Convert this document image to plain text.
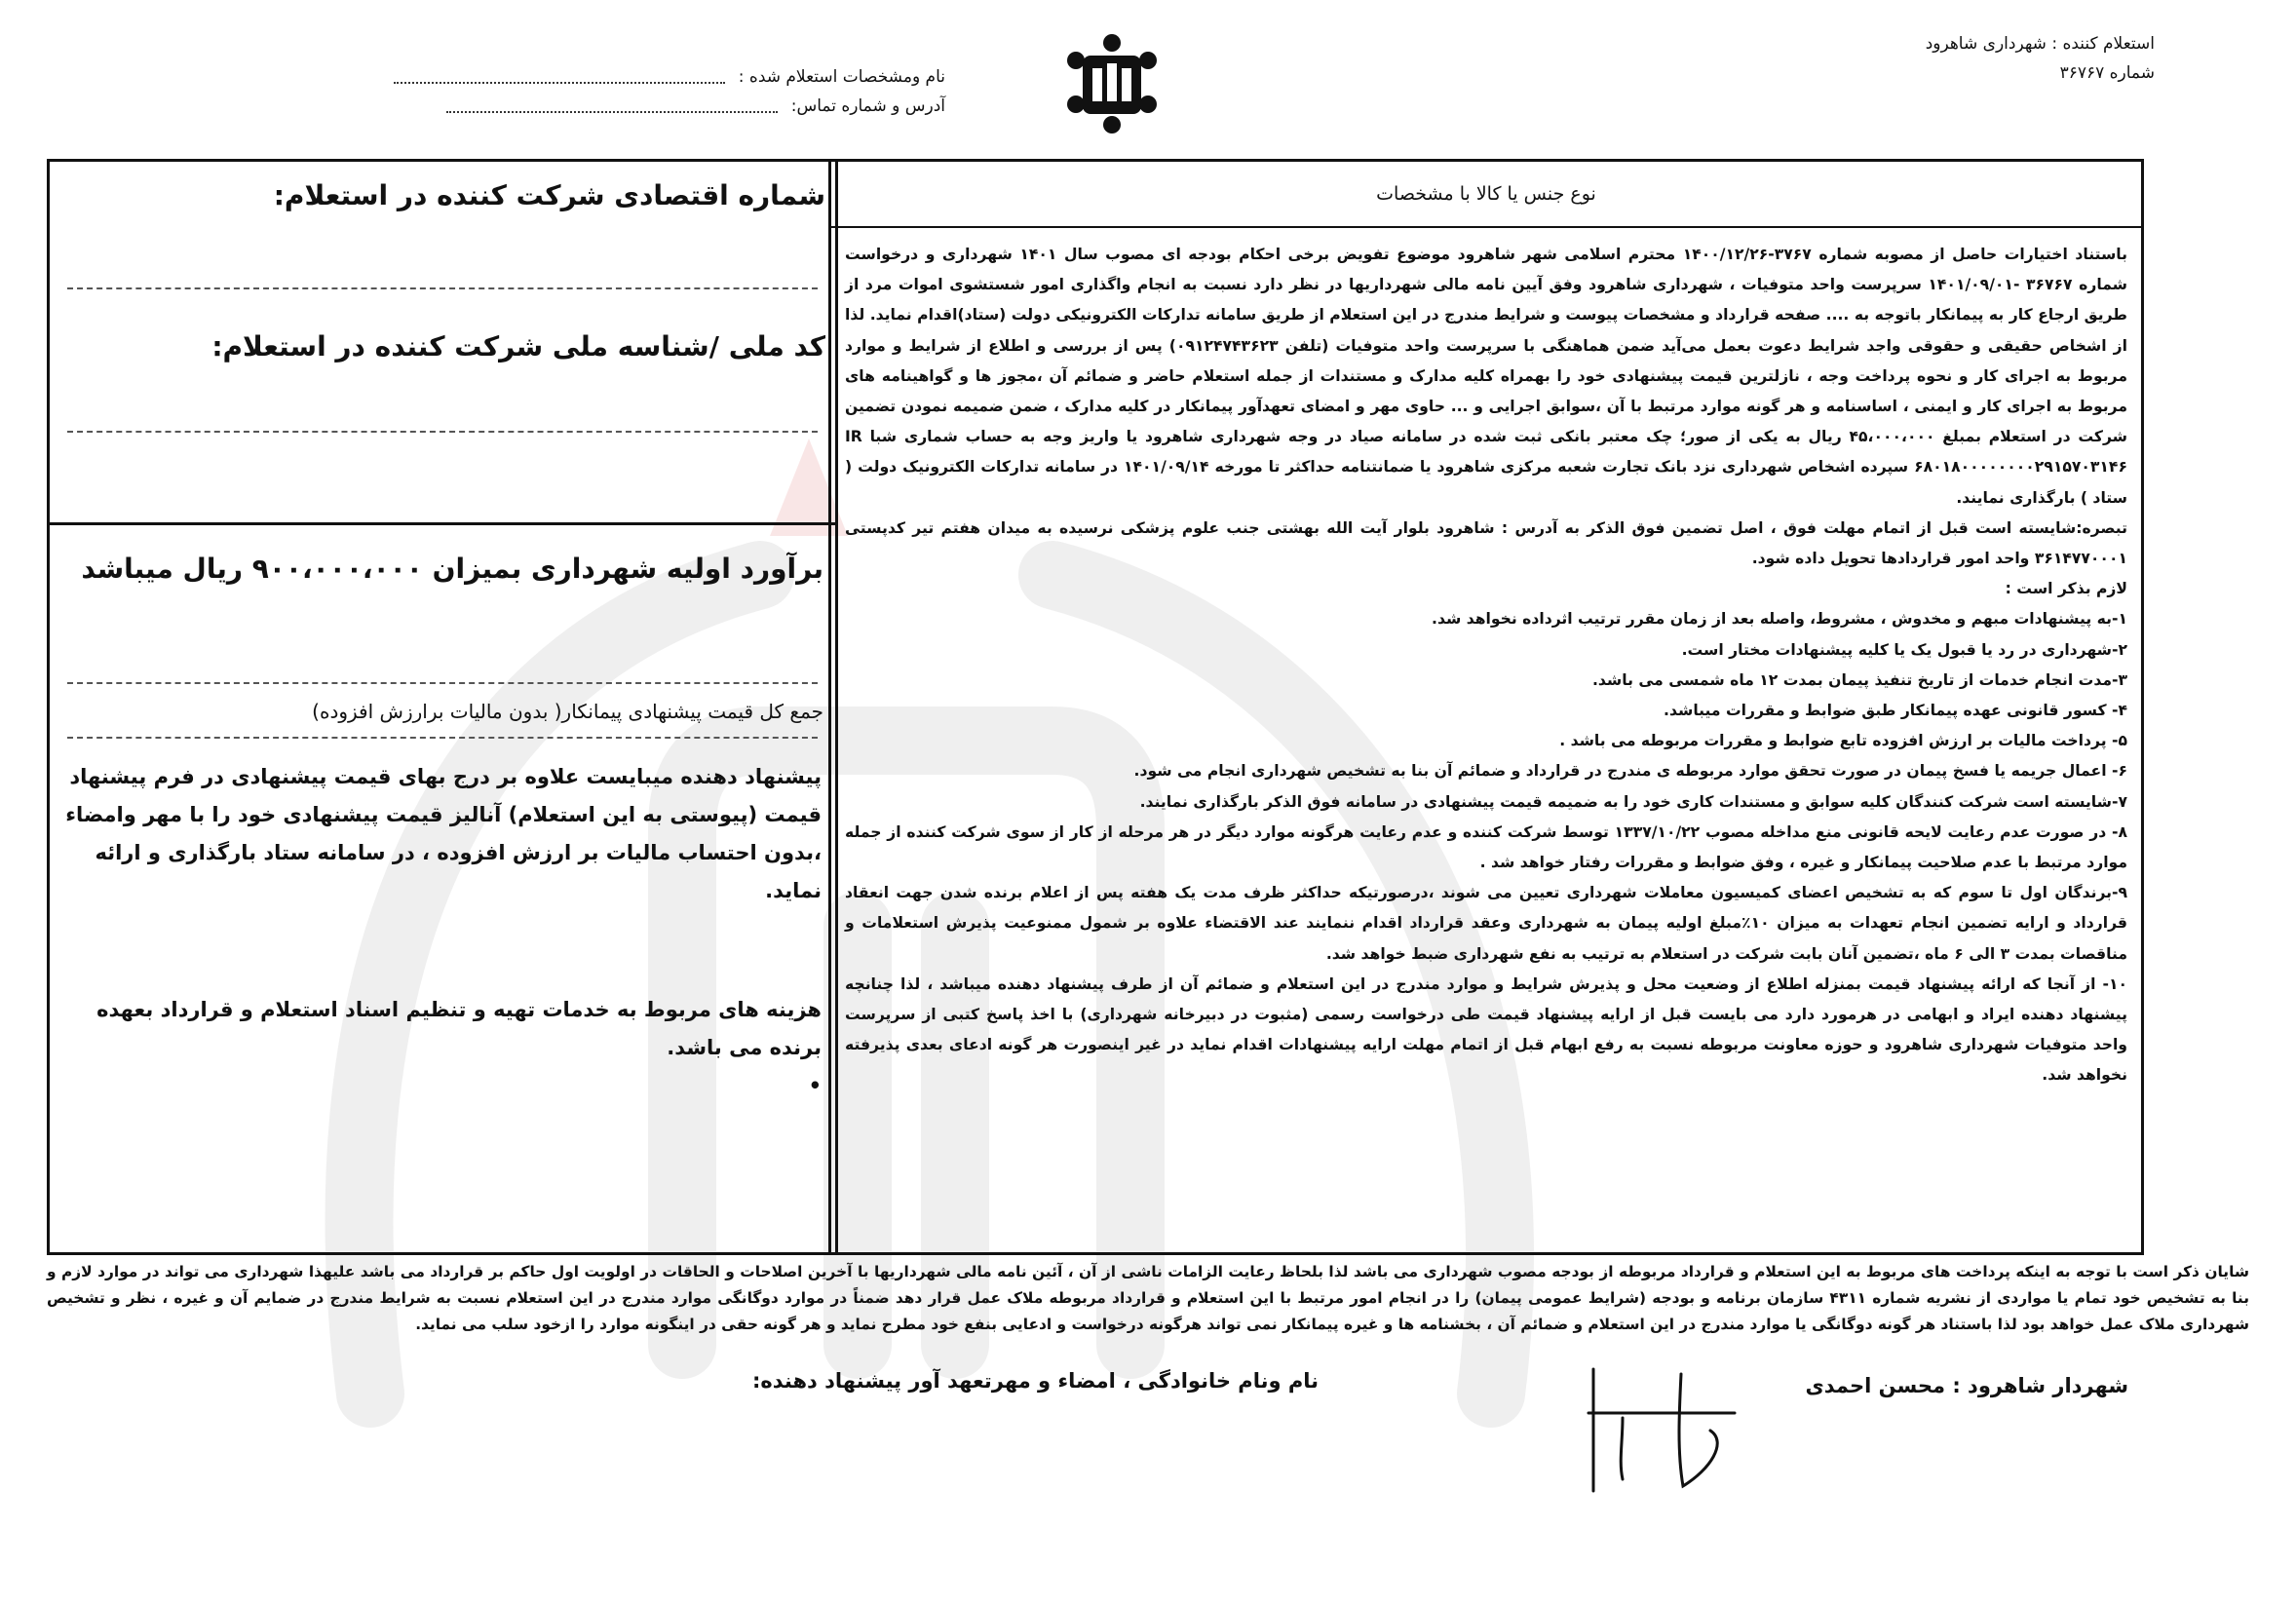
استعلام کننده : شهرداری شاهرود
شماره ۳۶۷۶۷
نام ومشخصات استعلام شده :
آدرس و شماره تماس:
نوع جنس یا کالا با مشخصات

باستناد اختیارات حاصل از مصوبه شماره ۳۷۶۷-۱۴۰۰/۱۲/۲۶ محترم اسلامی شهر شاهرود موضوع تفویض برخی احکام بودجه ای مصوب سال ۱۴۰۱ شهرداری و درخواست شماره ۳۶۷۶۷ -۱۴۰۱/۰۹/۰۱ سرپرست واحد متوفیات ، شهرداری شاهرود وفق آیین نامه مالی شهرداریها در نظر دارد نسبت به انجام واگذاری امور شستشوی اموات مرد از طریق ارجاع کار به پیمانکار باتوجه به .... صفحه قرارداد و مشخصات پیوست و شرایط مندرج در این استعلام از طریق سامانه تدارکات الکترونیکی دولت (ستاد)اقدام نماید. لذا از اشخاص حقیقی و حقوقی واجد شرایط دعوت بعمل می‌آید ضمن هماهنگی با سرپرست واحد متوفیات (تلفن ۰۹۱۲۴۷۴۳۶۲۳) پس از بررسی و اطلاع از شرایط و موارد مربوط به اجرای کار و نحوه پرداخت وجه ، نازلترین قیمت پیشنهادی خود را بهمراه کلیه مدارک و مستندات از جمله استعلام حاضر و ضمائم آن ،مجوز ها و گواهینامه های مربوط به اجرای کار و ایمنی ، اساسنامه و هر گونه موارد مرتبط با آن ،سوابق اجرایی و ... حاوی مهر و امضای تعهدآور پیمانکار در کلیه مدارک ، ضمن ضمیمه نمودن تضمین شرکت در استعلام بمبلغ ۴۵،۰۰۰،۰۰۰ ریال به یکی از صور؛ چک معتبر بانکی ثبت شده در سامانه صیاد در وجه شهرداری شاهرود یا واریز وجه به حساب شماری شبا IR ۶۸۰۱۸۰۰۰۰۰۰۰۰۲۹۱۵۷۰۳۱۴۶ سپرده اشخاص شهرداری نزد بانک تجارت شعبه مرکزی شاهرود یا ضمانتنامه حداکثر تا مورخه ۱۴۰۱/۰۹/۱۴ در سامانه تدارکات الکترونیک دولت ( ستاد ) بارگذاری نمایند.

تبصره:شایسته است قبل از اتمام مهلت فوق ، اصل تضمین فوق الذکر به آدرس : شاهرود بلوار آیت الله بهشتی جنب علوم پزشکی نرسیده به میدان هفتم تیر کدپستی ۳۶۱۴۷۷۰۰۰۱ واحد امور قراردادها تحویل داده شود.

لازم بذکر است :

۱-به پیشنهادات مبهم و مخدوش ، مشروط، واصله بعد از زمان مقرر ترتیب اثرداده نخواهد شد.

۲-شهرداری در رد یا قبول یک یا کلیه پیشنهادات مختار است.

۳-مدت انجام خدمات از تاریخ تنفیذ پیمان بمدت ۱۲ ماه شمسی می باشد.

۴- کسور قانونی عهده پیمانکار طبق ضوابط و مقررات میباشد.

۵- پرداخت مالیات بر ارزش افزوده تابع ضوابط و مقررات مربوطه می باشد .

۶- اعمال جریمه یا فسخ پیمان در صورت تحقق موارد مربوطه ی مندرج در قرارداد و ضمائم آن بنا به تشخیص شهرداری انجام می شود.

۷-شایسته است شرکت کنندگان کلیه سوابق و مستندات کاری خود را به ضمیمه قیمت پیشنهادی در سامانه فوق الذکر بارگذاری نمایند.

۸- در صورت عدم رعایت لایحه قانونی منع مداخله مصوب ۱۳۳۷/۱۰/۲۲ توسط شرکت کننده و عدم رعایت هرگونه موارد دیگر در هر مرحله از کار از سوی شرکت کننده از جمله موارد مرتبط با عدم صلاحیت پیمانکار و غیره ، وفق ضوابط و مقررات رفتار خواهد شد .

۹-برندگان اول تا سوم که به تشخیص اعضای کمیسیون معاملات شهرداری تعیین می شوند ،درصورتیکه حداکثر ظرف مدت یک هفته پس از اعلام برنده شدن جهت انعقاد قرارداد و ارایه تضمین انجام تعهدات به میزان ۱۰٪مبلغ اولیه پیمان به شهرداری وعقد قرارداد اقدام ننمایند عند الاقتضاء علاوه بر شمول ممنوعیت پذیرش استعلامات و مناقصات بمدت ۳ الی ۶ ماه ،تضمین آنان بابت شرکت در استعلام به ترتیب به نفع شهرداری ضبط خواهد شد.

۱۰- از آنجا که ارائه پیشنهاد قیمت بمنزله اطلاع از وضعیت محل و پذیرش شرایط و موارد مندرج در این استعلام و ضمائم آن از طرف پیشنهاد دهنده میباشد ، لذا چنانچه پیشنهاد دهنده ایراد و ابهامی در هرمورد دارد می بایست قبل از ارایه پیشنهاد قیمت طی درخواست رسمی (مثبوت در دبیرخانه شهرداری) با اخذ پاسخ کتبی از سرپرست واحد متوفیات شهرداری شاهرود و حوزه معاونت مربوطه نسبت به رفع ابهام قبل از اتمام مهلت ارایه پیشنهادات اقدام نماید در غیر اینصورت هر گونه ادعای بعدی پذیرفته نخواهد شد.

شماره اقتصادی شرکت کننده در استعلام:
کد ملی /شناسه ملی شرکت کننده در استعلام:
برآورد اولیه شهرداری بمیزان ۹۰۰،۰۰۰،۰۰۰ ریال میباشد
جمع کل قیمت پیشنهادی پیمانکار( بدون مالیات برارزش افزوده)
پیشنهاد دهنده میبایست علاوه بر درج بهای قیمت پیشنهادی در فرم پیشنهاد قیمت (پیوستی به این استعلام) آنالیز قیمت پیشنهادی خود را با مهر وامضاء ،بدون احتساب مالیات بر ارزش افزوده ، در سامانه ستاد بارگذاری و ارائه نماید.
هزینه های مربوط به خدمات تهیه و تنظیم اسناد استعلام و قرارداد بعهده برنده می باشد.
•
شایان ذکر است با توجه به اینکه پرداخت های مربوط به این استعلام و قرارداد مربوطه از بودجه مصوب شهرداری می باشد لذا بلحاظ رعایت الزامات ناشی از آن ، آئین نامه مالی شهرداریها با آخرین اصلاحات و الحاقات در اولویت اول حاکم بر قرارداد می باشد علیهذا شهرداری می تواند در موارد لازم و بنا به تشخیص خود تمام یا مواردی از نشریه شماره ۴۳۱۱ سازمان برنامه و بودجه (شرایط عمومی پیمان) را در انجام امور مرتبط با این استعلام و قرارداد مربوطه ملاک عمل قرار دهد ضمناً در موارد دوگانگی موارد مندرج در این استعلام نسبت به شرایط مندرج در ضمایم آن و غیره ، نظر و تشخیص شهرداری ملاک عمل خواهد بود لذا باستناد هر گونه دوگانگی یا موارد مندرج در این استعلام و ضمائم آن ، بخشنامه ها و غیره پیمانکار نمی تواند هرگونه درخواست و ادعایی بنفع خود مطرح نماید و هر گونه حقی در اینگونه موارد را ازخود سلب می نماید.
شهردار شاهرود : محسن احمدی
نام ونام خانوادگی ، امضاء و مهرتعهد آور پیشنهاد دهنده:
